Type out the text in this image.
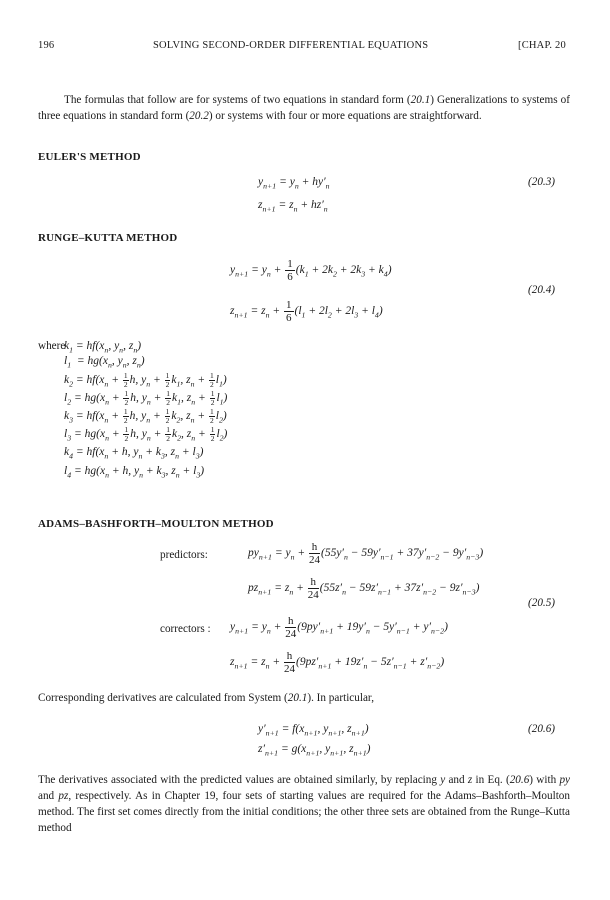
196	SOLVING SECOND-ORDER DIFFERENTIAL EQUATIONS	[CHAP. 20
The formulas that follow are for systems of two equations in standard form (20.1) Generalizations to systems of three equations in standard form (20.2) or systems with four or more equations are straightforward.
EULER'S METHOD
$y_{n+1} = y_n + hy'_n$
$z_{n+1} = z_n + hz'_n$
(20.3)
RUNGE–KUTTA METHOD
$y_{n+1} = y_n + \frac{1}{6} (k_1 + 2k_2 + 2k_3 + k_4)$
$z_{n+1} = z_n + \frac{1}{6} (l_1 + 2l_2 + 2l_3 + l_4)$
(20.4)
where
$k_1 = hf(x_n$, $y_n$, $z_n$)
$l_1 = hg(x_n$, $y_n$, $z_n$)
$k_2 = hf(x_n + \frac{1}{2} h$, $y_n + \frac{1}{2} k_1$, $z_n + \frac{1}{2} l_1$)
$l_2 = hg(x_n + \frac{1}{2} h$, $y_n + \frac{1}{2} k_1$, $z_n + \frac{1}{2} l_1$)
$k_3 = hf(x_n + \frac{1}{2} h$, $y_n + \frac{1}{2} k_2$, $z_n + \frac{1}{2} l_2$)
$l_3 = hg(x_n + \frac{1}{2} h$, $y_n + \frac{1}{2} k_2$, $z_n + \frac{1}{2} l_2$)
$k_4 = hf(x_n + h$, $y_n + k_3$, $z_n + l_3$)
$l_4 = hg(x_n + h$, $y_n + k_3$, $z_n + l_3$)
ADAMS–BASHFORTH–MOULTON METHOD
predictors:	$py_{n+1} = y_n + \frac{h}{24} (55y'_n - 59y'_{n-1} + 37y'_{n-2} - 9y'_{n-3})$
$pz_{n+1} = z_n + \frac{h}{24} (55z'_n - 59z'_{n-1} + 37z'_{n-2} - 9z'_{n-3})$
(20.5)
correctors : $y_{n+1} = y_n + \frac{h}{24} (9py'_{n+1} + 19y'_n - 5y'_{n-1} + y'_{n-2})$
$z_{n+1} = z_n + \frac{h}{24} (9pz'_{n+1} + 19z'_n - 5z'_{n-1} + z'_{n-2})$
Corresponding derivatives are calculated from System (20.1). In particular,
$y'_{n+1} = f(x_{n+1}$, $y_{n+1}$, $z_{n+1}$)
$z'_{n+1} = g(x_{n+1}$, $y_{n+1}$, $z_{n+1}$)
(20.6)
The derivatives associated with the predicted values are obtained similarly, by replacing y and z in Eq. (20.6) with py and pz, respectively. As in Chapter 19, four sets of starting values are required for the Adams–Bashforth–Moulton method. The first set comes directly from the initial conditions; the other three sets are obtained from the Runge–Kutta method
